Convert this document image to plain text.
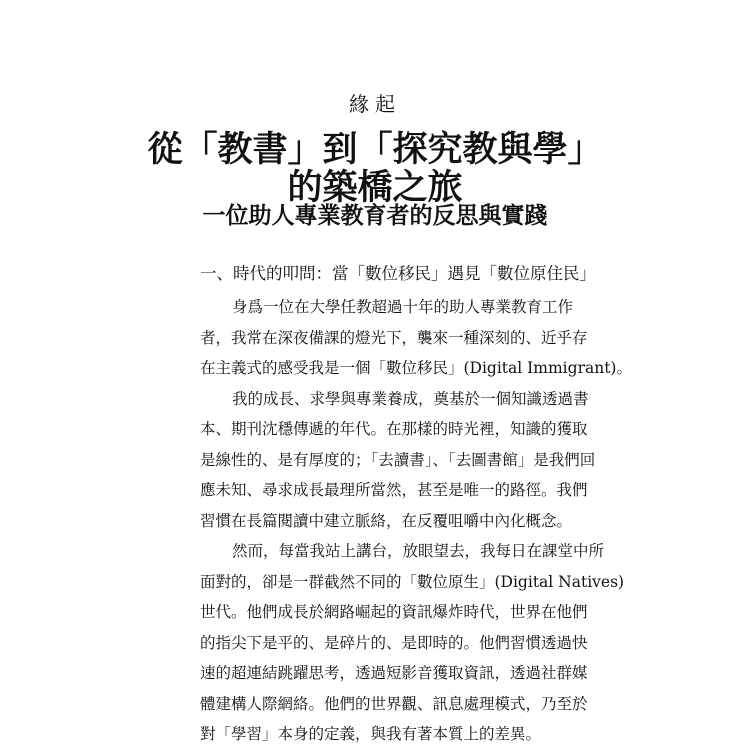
緣起
從「教書」到「探究教與學」
的築橋之旅
一位助人專業教育者的反思與實踐
一、時代的叩問：當「數位移民」遇見「數位原住民」
身爲一位在大學任教超過十年的助人專業教育工作
者，我常在深夜備課的燈光下，襲來一種深刻的、近乎存
在主義式的感受我是一個「數位移民」(Digital Immigrant)。
我的成長、求學與專業養成，奠基於一個知識透過書
本、期刊沈穩傳遞的年代。在那樣的時光裡，知識的獲取
是線性的、是有厚度的；「去讀書」、「去圖書館」是我們回
應未知、尋求成長最理所當然，甚至是唯一的路徑。我們
習慣在長篇閱讀中建立脈絡，在反覆咀嚼中內化概念。
然而，每當我站上講台，放眼望去，我每日在課堂中所
面對的，卻是一群截然不同的「數位原生」(Digital Natives)
世代。他們成長於網路崛起的資訊爆炸時代，世界在他們
的指尖下是平的、是碎片的、是即時的。他們習慣透過快
速的超連結跳躍思考，透過短影音獲取資訊，透過社群媒
體建構人際網絡。他們的世界觀、訊息處理模式，乃至於
對「學習」本身的定義，與我有著本質上的差異。
